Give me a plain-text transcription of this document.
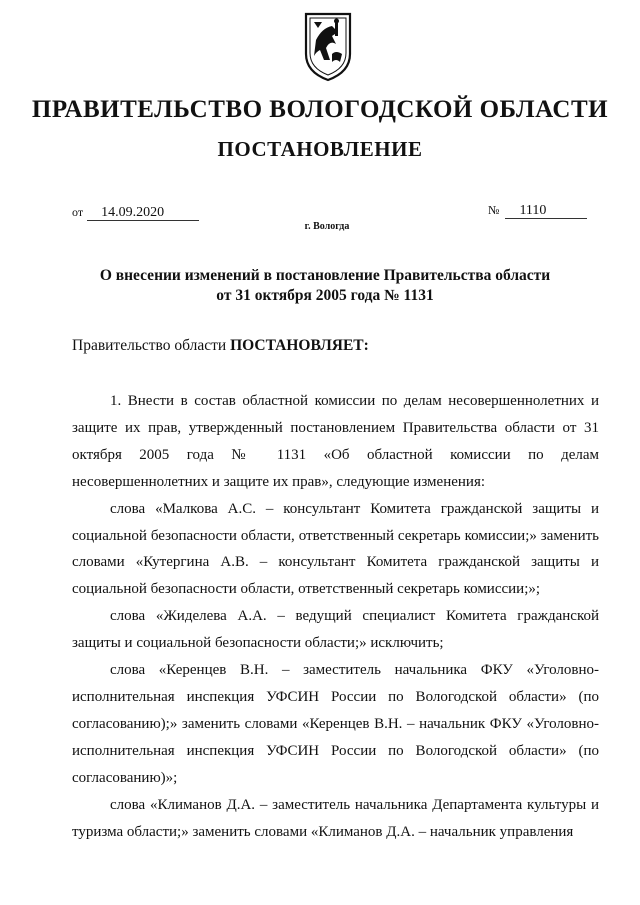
ПРАВИТЕЛЬСТВО ВОЛОГОДСКОЙ ОБЛАСТИ
ПОСТАНОВЛЕНИЕ
от 14.09.2020	№ 1110
г. Вологда
О внесении изменений в постановление Правительства области
от 31 октября 2005 года № 1131
Правительство области ПОСТАНОВЛЯЕТ:

1. Внести в состав областной комиссии по делам несовершеннолетних и защите их прав, утвержденный постановлением Правительства области от 31 октября 2005 года № 1131 «Об областной комиссии по делам несовершеннолетних и защите их прав», следующие изменения:

слова «Малкова А.С. – консультант Комитета гражданской защиты и социальной безопасности области, ответственный секретарь комиссии;» заменить словами «Кутергина А.В. – консультант Комитета гражданской защиты и социальной безопасности области, ответственный секретарь комиссии;»;

слова «Жиделева А.А. – ведущий специалист Комитета гражданской защиты и социальной безопасности области;» исключить;

слова «Керенцев В.Н. – заместитель начальника ФКУ «Уголовно-исполнительная инспекция УФСИН России по Вологодской области» (по согласованию);» заменить словами «Керенцев В.Н. – начальник ФКУ «Уголовно-исполнительная инспекция УФСИН России по Вологодской области» (по согласованию)»;

слова «Климанов Д.А. – заместитель начальника Департамента культуры и туризма области;» заменить словами «Климанов Д.А. – начальник управления
